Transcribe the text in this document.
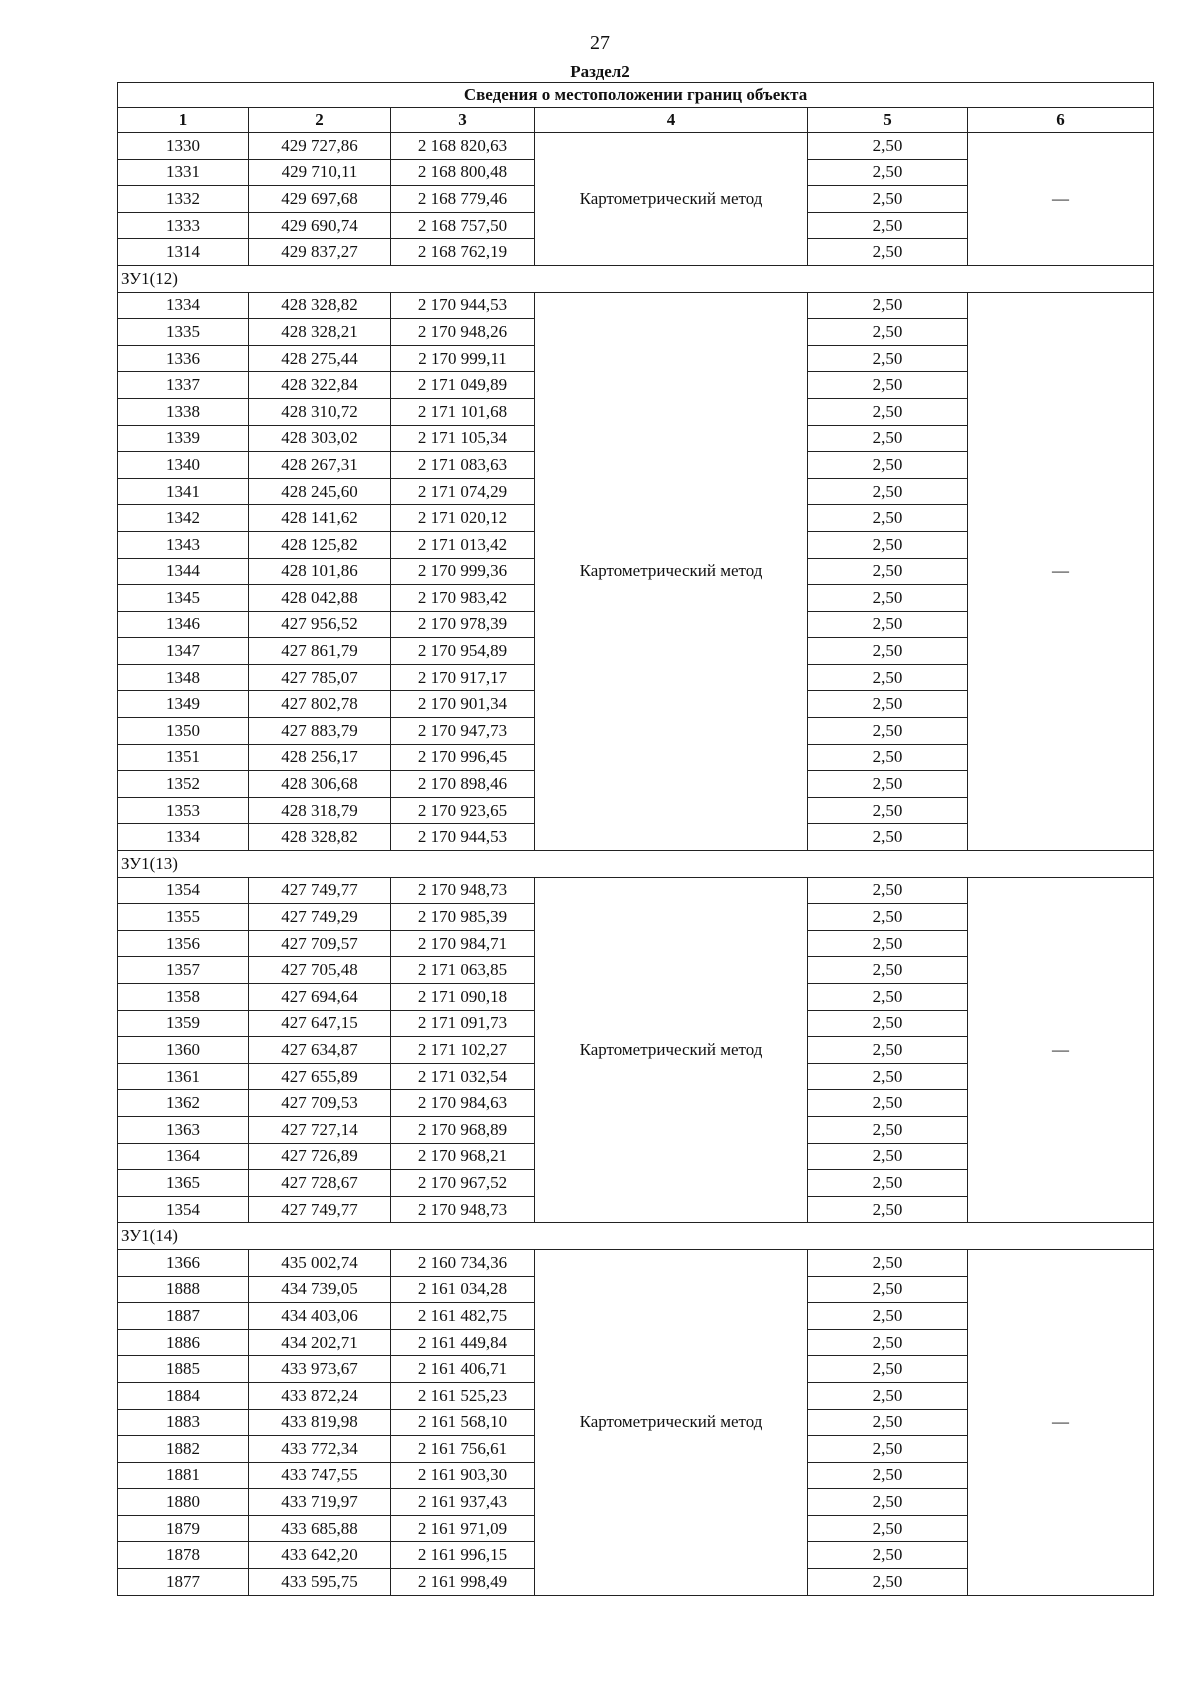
27
Раздел2
Сведения о местоположении границ объекта					
1	2	3	4	5	6
1330	429 727,86	2 168 820,63	Картометрический метод	2,50	—
1331	429 710,11	2 168 800,48		2,50	
1332	429 697,68	2 168 779,46		2,50	
1333	429 690,74	2 168 757,50		2,50	
1314	429 837,27	2 168 762,19		2,50	
ЗУ1(12)					
1334	428 328,82	2 170 944,53	Картометрический метод	2,50	—
1335	428 328,21	2 170 948,26		2,50	
1336	428 275,44	2 170 999,11		2,50	
1337	428 322,84	2 171 049,89		2,50	
1338	428 310,72	2 171 101,68		2,50	
1339	428 303,02	2 171 105,34		2,50	
1340	428 267,31	2 171 083,63		2,50	
1341	428 245,60	2 171 074,29		2,50	
1342	428 141,62	2 171 020,12		2,50	
1343	428 125,82	2 171 013,42		2,50	
1344	428 101,86	2 170 999,36		2,50	
1345	428 042,88	2 170 983,42		2,50	
1346	427 956,52	2 170 978,39		2,50	
1347	427 861,79	2 170 954,89		2,50	
1348	427 785,07	2 170 917,17		2,50	
1349	427 802,78	2 170 901,34		2,50	
1350	427 883,79	2 170 947,73		2,50	
1351	428 256,17	2 170 996,45		2,50	
1352	428 306,68	2 170 898,46		2,50	
1353	428 318,79	2 170 923,65		2,50	
1334	428 328,82	2 170 944,53		2,50	
ЗУ1(13)					
1354	427 749,77	2 170 948,73	Картометрический метод	2,50	—
1355	427 749,29	2 170 985,39		2,50	
1356	427 709,57	2 170 984,71		2,50	
1357	427 705,48	2 171 063,85		2,50	
1358	427 694,64	2 171 090,18		2,50	
1359	427 647,15	2 171 091,73		2,50	
1360	427 634,87	2 171 102,27		2,50	
1361	427 655,89	2 171 032,54		2,50	
1362	427 709,53	2 170 984,63		2,50	
1363	427 727,14	2 170 968,89		2,50	
1364	427 726,89	2 170 968,21		2,50	
1365	427 728,67	2 170 967,52		2,50	
1354	427 749,77	2 170 948,73		2,50	
ЗУ1(14)					
1366	435 002,74	2 160 734,36	Картометрический метод	2,50	—
1888	434 739,05	2 161 034,28		2,50	
1887	434 403,06	2 161 482,75		2,50	
1886	434 202,71	2 161 449,84		2,50	
1885	433 973,67	2 161 406,71		2,50	
1884	433 872,24	2 161 525,23		2,50	
1883	433 819,98	2 161 568,10		2,50	
1882	433 772,34	2 161 756,61		2,50	
1881	433 747,55	2 161 903,30		2,50	
1880	433 719,97	2 161 937,43		2,50	
1879	433 685,88	2 161 971,09		2,50	
1878	433 642,20	2 161 996,15		2,50	
1877	433 595,75	2 161 998,49		2,50	
